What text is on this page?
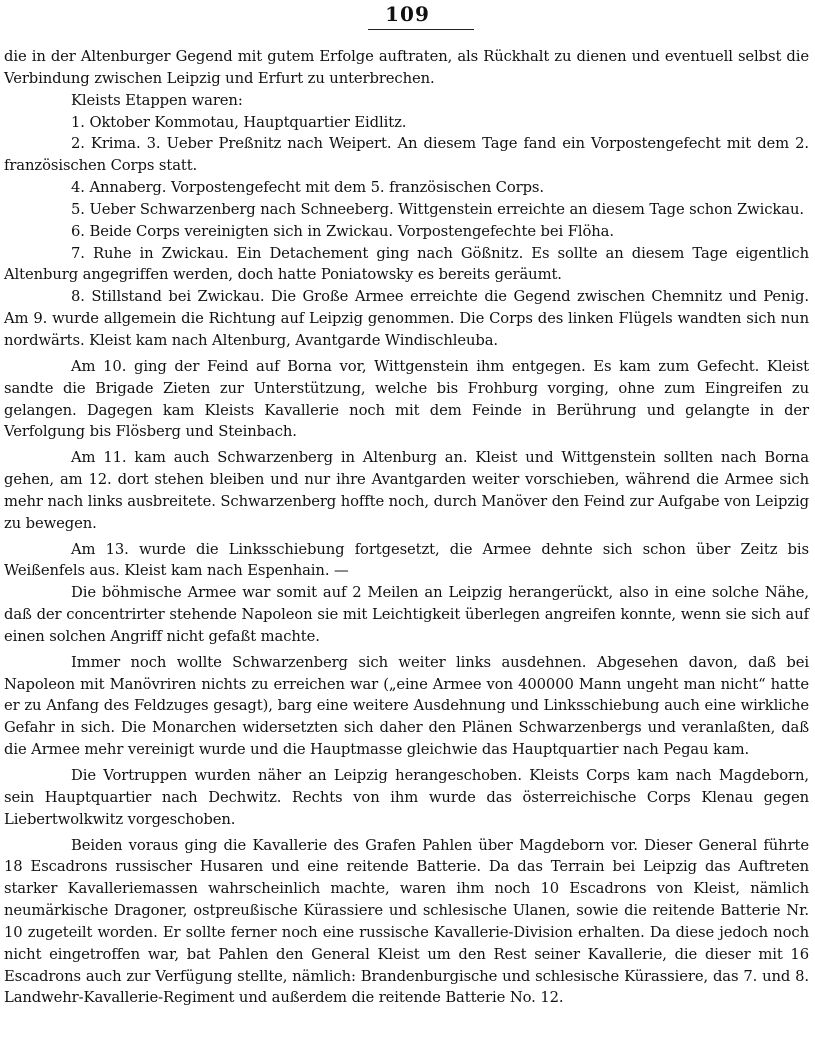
109

die in der Altenburger Gegend mit gutem Erfolge auftraten, als Rückhalt zu dienen und eventuell selbst die Verbindung zwischen Leipzig und Erfurt zu unterbrechen.

Kleists Etappen waren:

1. Oktober Kommotau, Hauptquartier Eidlitz.

2. Krima. 3. Ueber Preßnitz nach Weipert. An diesem Tage fand ein Vorpostengefecht mit dem 2. französischen Corps statt.

4. Annaberg. Vorpostengefecht mit dem 5. französischen Corps.

5. Ueber Schwarzenberg nach Schneeberg. Wittgenstein erreichte an diesem Tage schon Zwickau.

6. Beide Corps vereinigten sich in Zwickau. Vorpostengefechte bei Flöha.

7. Ruhe in Zwickau. Ein Detachement ging nach Gößnitz. Es sollte an diesem Tage eigentlich Altenburg angegriffen werden, doch hatte Poniatowsky es bereits geräumt.

8. Stillstand bei Zwickau. Die Große Armee erreichte die Gegend zwischen Chemnitz und Penig. Am 9. wurde allgemein die Richtung auf Leipzig genommen. Die Corps des linken Flügels wandten sich nun nordwärts. Kleist kam nach Altenburg, Avantgarde Windischleuba.

Am 10. ging der Feind auf Borna vor, Wittgenstein ihm entgegen. Es kam zum Gefecht. Kleist sandte die Brigade Zieten zur Unterstützung, welche bis Frohburg vorging, ohne zum Eingreifen zu gelangen. Dagegen kam Kleists Kavallerie noch mit dem Feinde in Berührung und gelangte in der Verfolgung bis Flösberg und Steinbach.

Am 11. kam auch Schwarzenberg in Altenburg an. Kleist und Wittgenstein sollten nach Borna gehen, am 12. dort stehen bleiben und nur ihre Avantgarden weiter vorschieben, während die Armee sich mehr nach links ausbreitete. Schwarzenberg hoffte noch, durch Manöver den Feind zur Aufgabe von Leipzig zu bewegen.

Am 13. wurde die Linksschiebung fortgesetzt, die Armee dehnte sich schon über Zeitz bis Weißenfels aus. Kleist kam nach Espenhain. —

Die böhmische Armee war somit auf 2 Meilen an Leipzig herangerückt, also in eine solche Nähe, daß der concentrirter stehende Napoleon sie mit Leichtigkeit überlegen angreifen konnte, wenn sie sich auf einen solchen Angriff nicht gefaßt machte.

Immer noch wollte Schwarzenberg sich weiter links ausdehnen. Abgesehen davon, daß bei Napoleon mit Manövriren nichts zu erreichen war („eine Armee von 400000 Mann ungeht man nicht“ hatte er zu Anfang des Feldzuges gesagt), barg eine weitere Ausdehnung und Linksschiebung auch eine wirkliche Gefahr in sich. Die Monarchen widersetzten sich daher den Plänen Schwarzenbergs und veranlaßten, daß die Armee mehr vereinigt wurde und die Hauptmasse gleichwie das Hauptquartier nach Pegau kam.

Die Vortruppen wurden näher an Leipzig herangeschoben. Kleists Corps kam nach Magdeborn, sein Hauptquartier nach Dechwitz. Rechts von ihm wurde das österreichische Corps Klenau gegen Liebertwolkwitz vorgeschoben.

Beiden voraus ging die Kavallerie des Grafen Pahlen über Magdeborn vor. Dieser General führte 18 Escadrons russischer Husaren und eine reitende Batterie. Da das Terrain bei Leipzig das Auftreten starker Kavalleriemassen wahrscheinlich machte, waren ihm noch 10 Escadrons von Kleist, nämlich neumärkische Dragoner, ostpreußische Kürassiere und schlesische Ulanen, sowie die reitende Batterie Nr. 10 zugeteilt worden. Er sollte ferner noch eine russische Kavallerie-Division erhalten. Da diese jedoch noch nicht eingetroffen war, bat Pahlen den General Kleist um den Rest seiner Kavallerie, die dieser mit 16 Escadrons auch zur Verfügung stellte, nämlich: Brandenburgische und schlesische Kürassiere, das 7. und 8. Landwehr-Kavallerie-Regiment und außerdem die reitende Batterie No. 12.
